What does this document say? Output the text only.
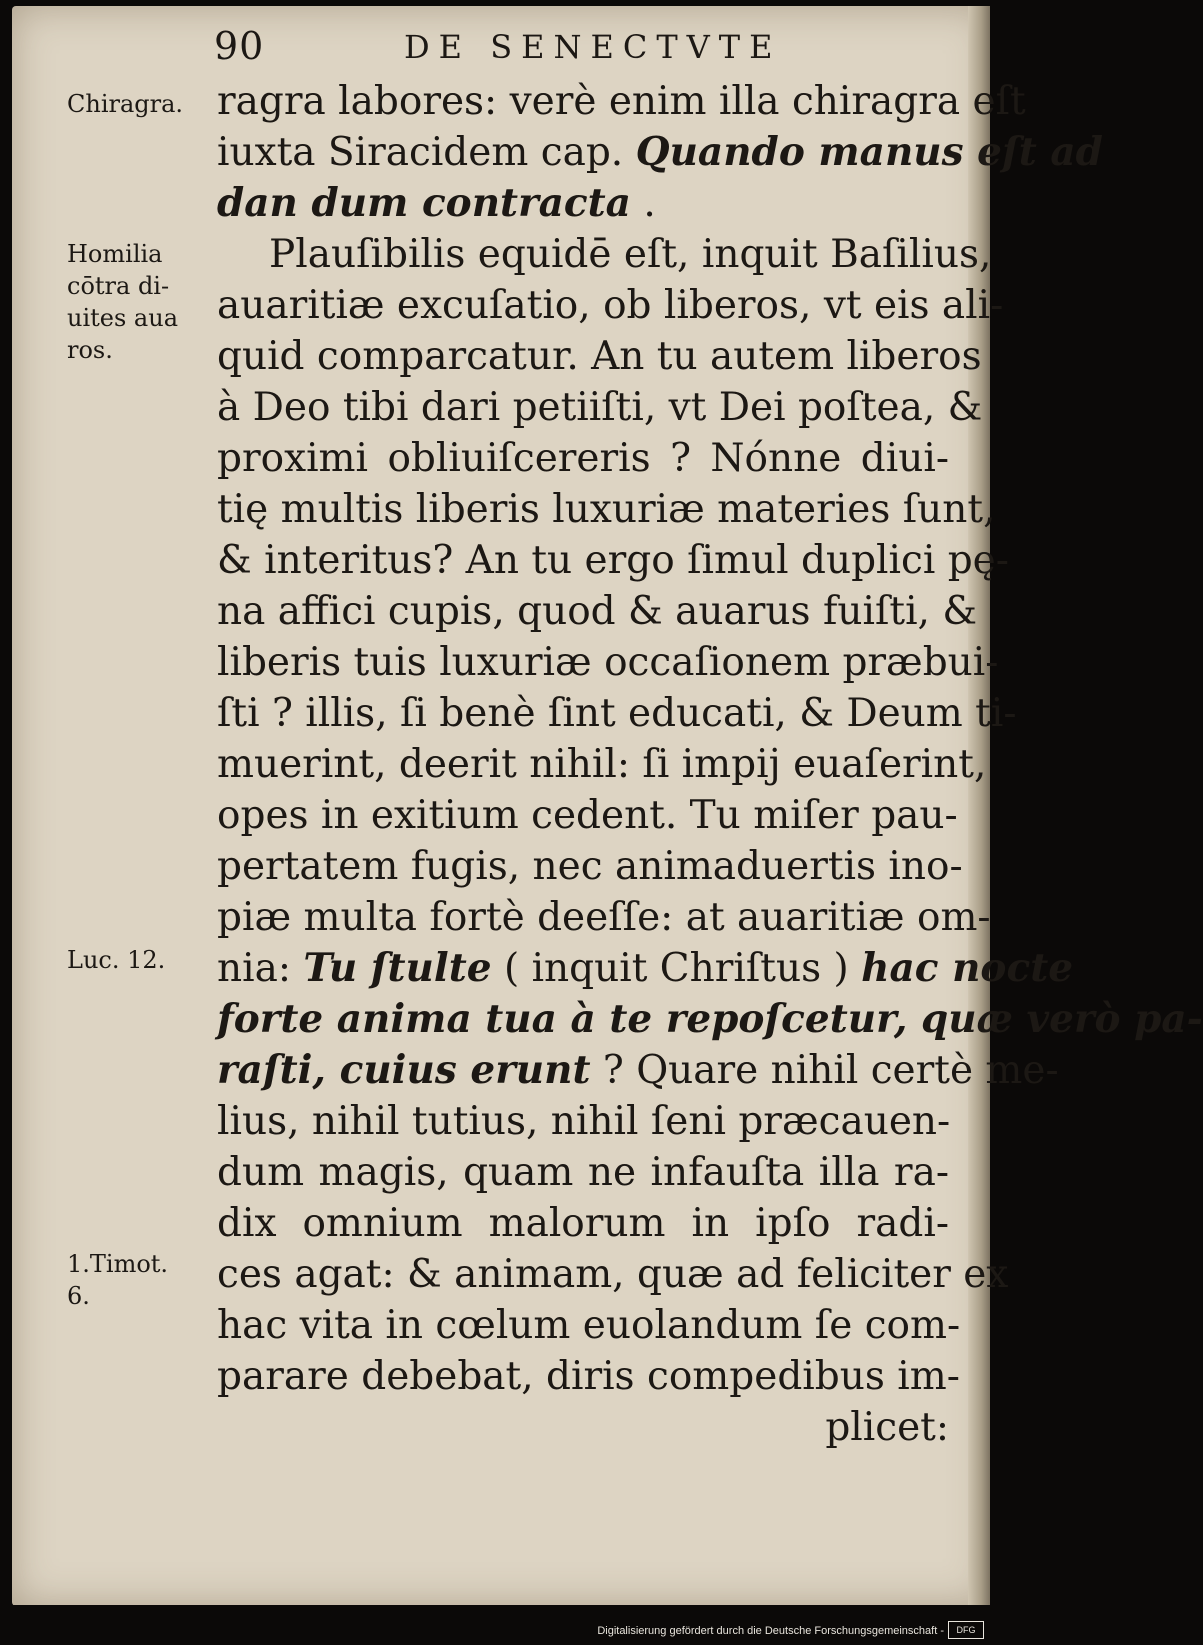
90	DE SENECTVTE
Chiragra.
Homilia
cōtra di-
uites aua
ros.
Luc. 12.
1.Timot.
6.
ragra labores: verè enim illa chiragra eſt
iuxta Siracidem cap. Quando manus eſt ad
dan dum contracta .
Plauſibilis equidē eſt, inquit Baſilius,
auaritiæ excuſatio, ob liberos, vt eis ali-
quid comparcatur. An tu autem liberos
à Deo tibi dari petiiſti, vt Dei poſtea, &
proximi obliuiſcereris ? Nónne diui-
tię multis liberis luxuriæ materies ſunt,
& interitus? An tu ergo ſimul duplici pę-
na affici cupis, quod & auarus fuiſti, &
liberis tuis luxuriæ occaſionem præbui-
ſti ? illis, ſi benè ſint educati, & Deum ti-
muerint, deerit nihil: ſi impij euaſerint,
opes in exitium cedent. Tu miſer pau-
pertatem fugis, nec animaduertis ino-
piæ multa fortè deeſſe: at auaritiæ om-
nia: Tu ſtulte ( inquit Chriſtus ) hac nocte
forte anima tua à te repoſcetur, quæ verò pa-
raſti, cuius erunt ? Quare nihil certè me-
lius, nihil tutius, nihil ſeni præcauen-
dum magis, quam ne infauſta illa ra-
dix omnium malorum in ipſo radi-
ces agat: & animam, quæ ad feliciter ex
hac vita in cœlum euolandum ſe com-
parare debebat, diris compedibus im-
plicet:
Digitalisierung gefördert durch die Deutsche Forschungsgemeinschaft -	DFG
